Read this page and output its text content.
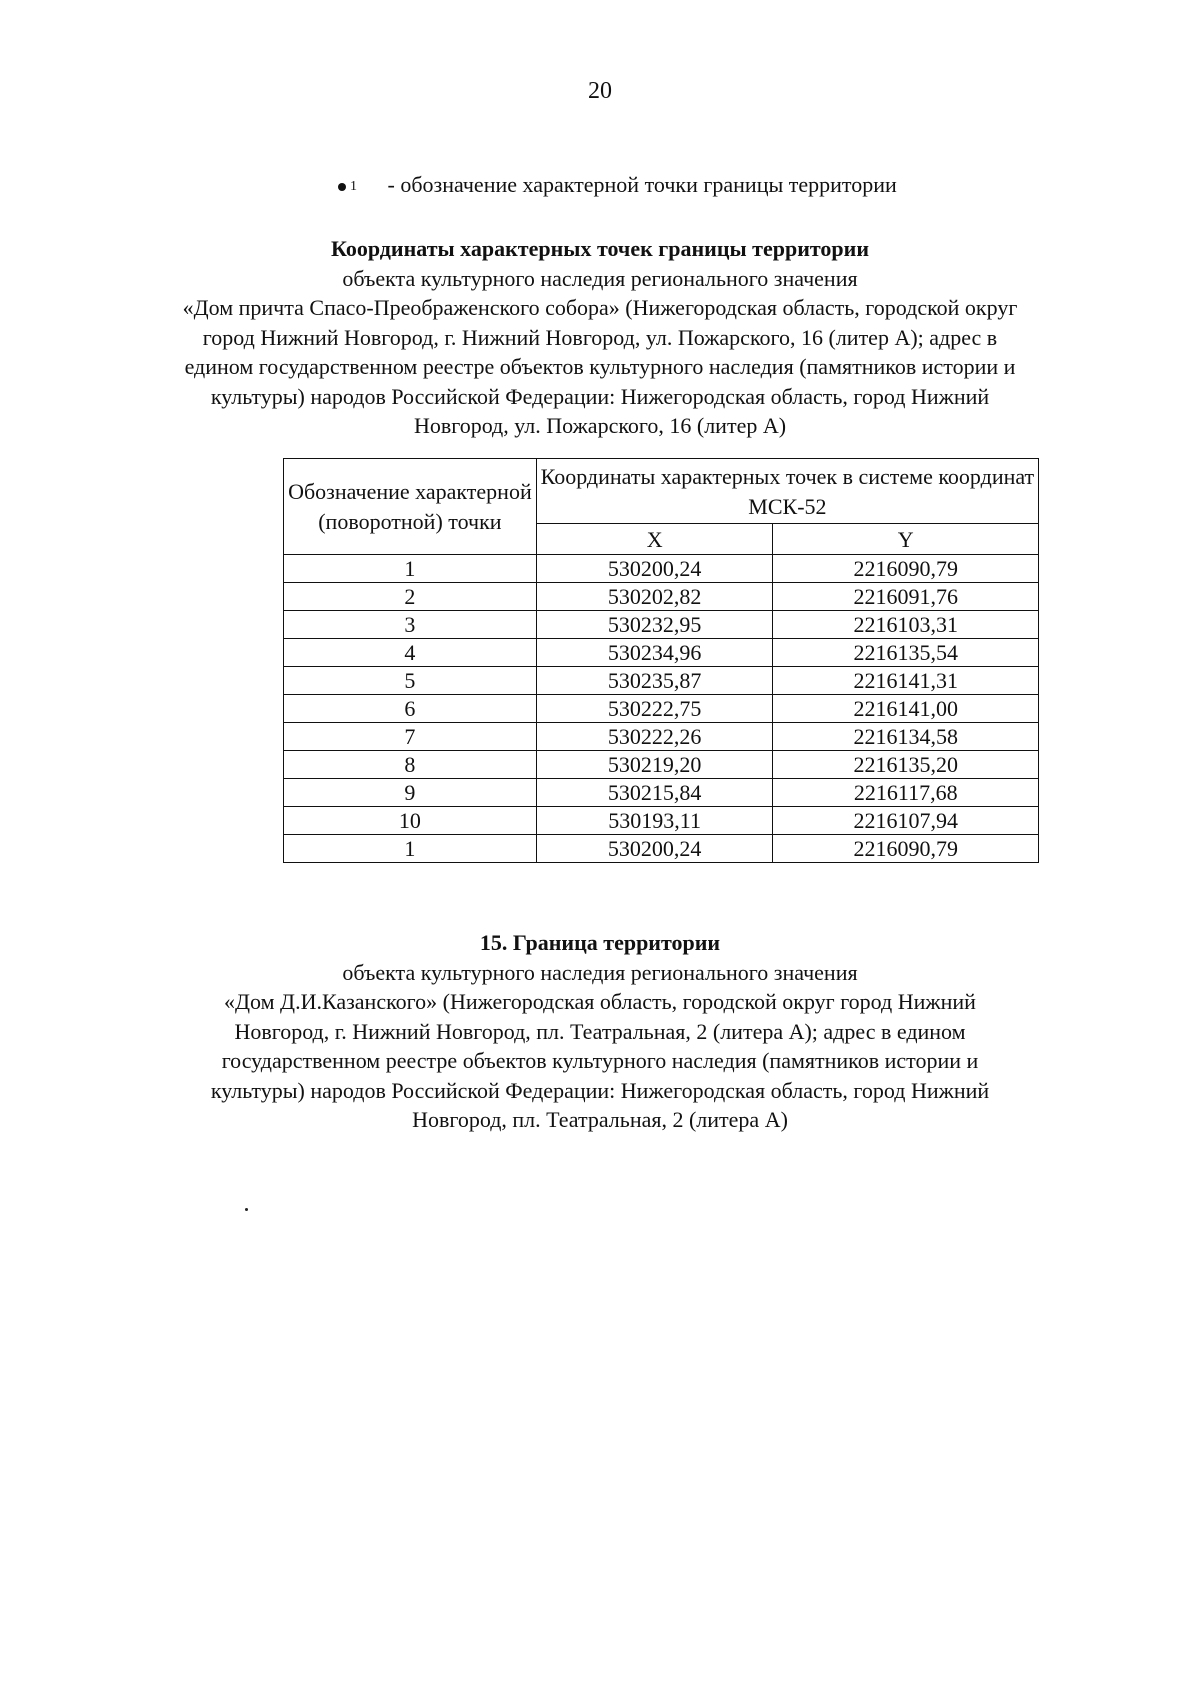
20
1 - обозначение характерной точки границы территории
Координаты характерных точек границы территории
объекта культурного наследия регионального значения
«Дом причта Спасо-Преображенского собора» (Нижегородская область, городской округ
город Нижний Новгород, г. Нижний Новгород, ул. Пожарского, 16 (литер А); адрес в
едином государственном реестре объектов культурного наследия (памятников истории и
культуры) народов Российской Федерации: Нижегородская область, город Нижний
Новгород, ул. Пожарского, 16 (литер А)
Обозначение характерной (поворотной) точки	Координаты характерных точек в системе координат МСК-52	
	X	Y
1	530200,24	2216090,79
2	530202,82	2216091,76
3	530232,95	2216103,31
4	530234,96	2216135,54
5	530235,87	2216141,31
6	530222,75	2216141,00
7	530222,26	2216134,58
8	530219,20	2216135,20
9	530215,84	2216117,68
10	530193,11	2216107,94
1	530200,24	2216090,79
15. Граница территории
объекта культурного наследия регионального значения
«Дом Д.И.Казанского» (Нижегородская область, городской округ город Нижний
Новгород, г. Нижний Новгород, пл. Театральная, 2 (литера А); адрес в едином
государственном реестре объектов культурного наследия (памятников истории и
культуры) народов Российской Федерации: Нижегородская область, город Нижний
Новгород, пл. Театральная, 2 (литера А)
